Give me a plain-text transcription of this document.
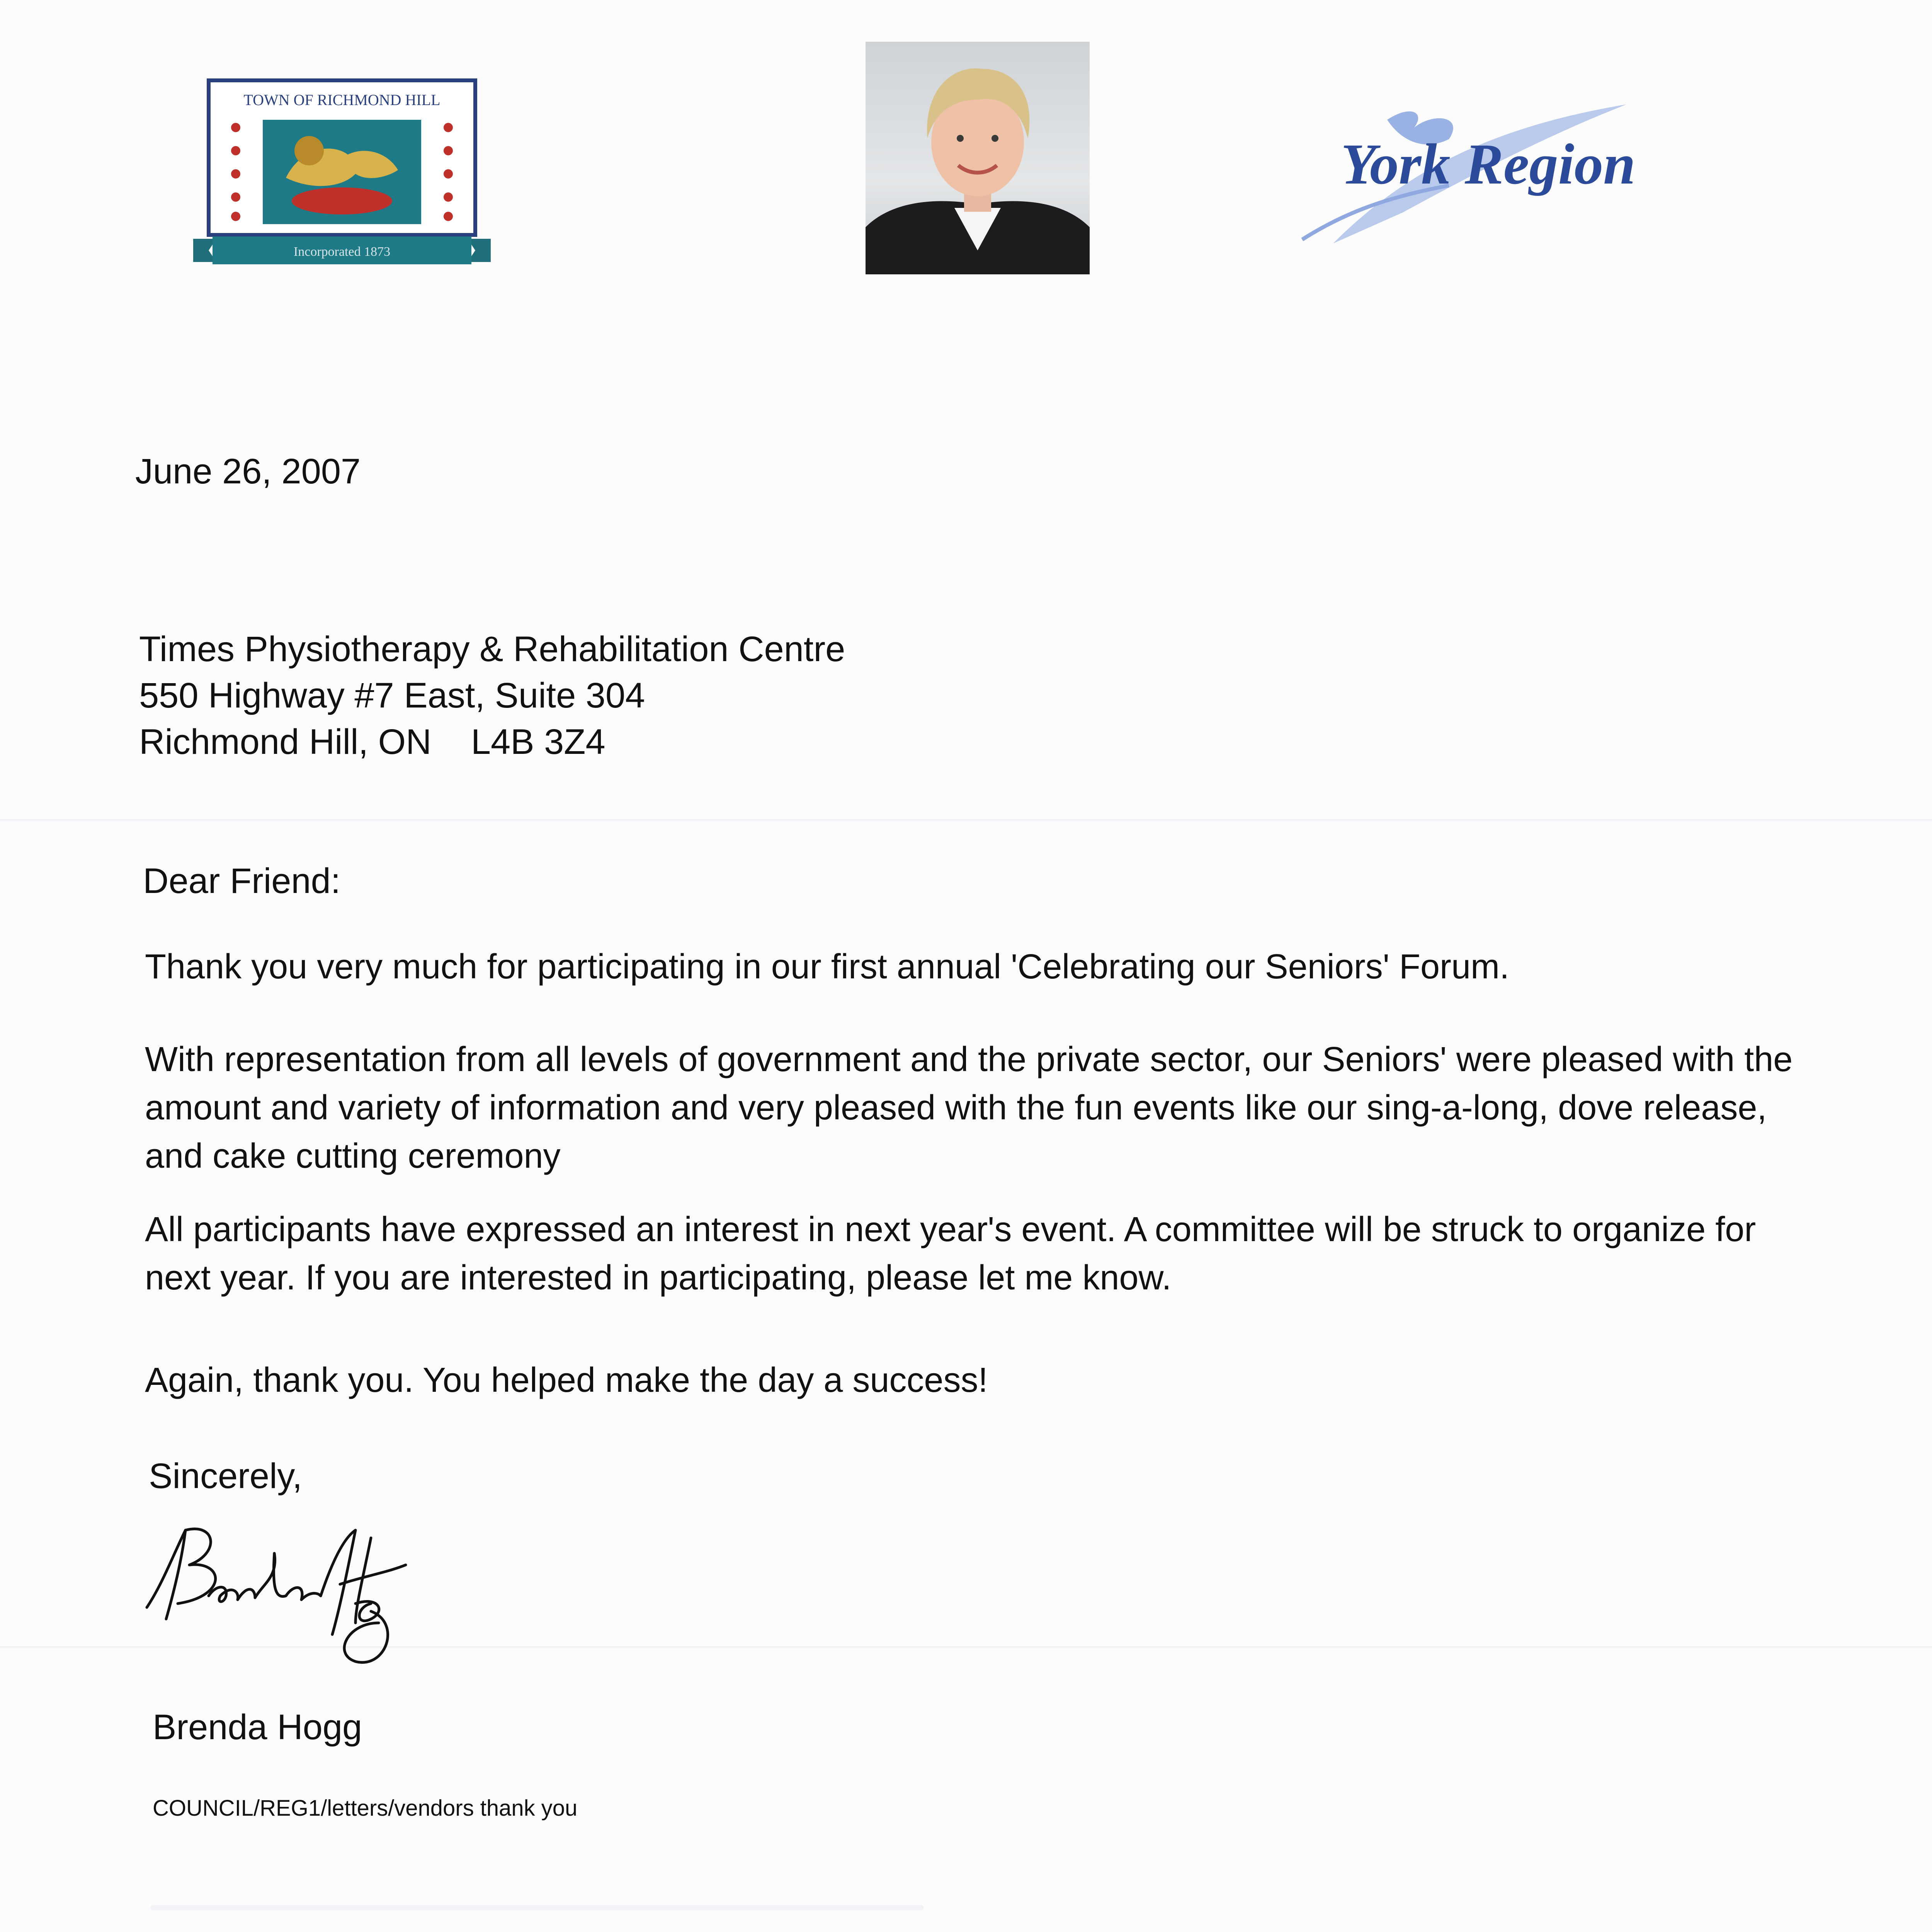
TOWN OF RICHMOND HILL
Incorporated 1873
York Region
June 26, 2007
Times Physiotherapy & Rehabilitation Centre
550 Highway #7 East, Suite 304
Richmond Hill, ON    L4B 3Z4
Dear Friend:
Thank you very much for participating in our first annual 'Celebrating our Seniors' Forum.
With representation from all levels of government and the private sector, our Seniors' were pleased with the
amount and variety of information and very pleased with the fun events like our sing-a-long, dove release,
and cake cutting ceremony
All participants have expressed an interest in next year's event. A committee will be struck to organize for
next year. If you are interested in participating, please let me know.
Again, thank you. You helped make the day a success!
Sincerely,
Brenda Hogg
COUNCIL/REG1/letters/vendors thank you
